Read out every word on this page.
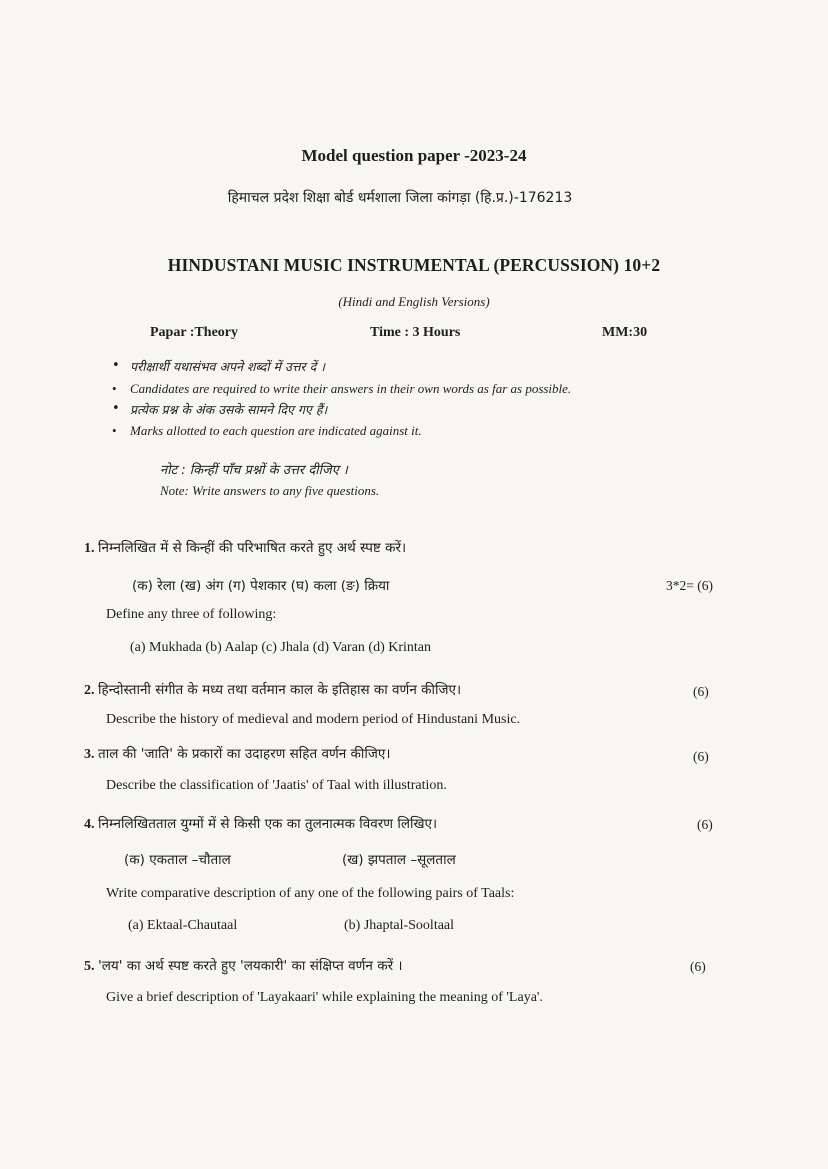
Model question paper -2023-24
हिमाचल प्रदेश शिक्षा बोर्ड धर्मशाला जिला कांगड़ा (हि.प्र.)-176213
HINDUSTANI MUSIC INSTRUMENTAL (PERCUSSION) 10+2
(Hindi and English Versions)
Papar :Theory	Time : 3 Hours	MM:30
• परीक्षार्थी यथासंभव अपने शब्दों में उत्तर दें ।
• Candidates are required to write their answers in their own words as far as possible.
• प्रत्येक प्रश्न के अंक उसके सामने दिए गए हैं।
• Marks allotted to each question are indicated against it.
नोट : किन्हीं पाँच प्रश्नों के उत्तर दीजिए ।
Note: Write answers to any five questions.
1. निम्नलिखित में से किन्हीं की परिभाषित करते हुए अर्थ स्पष्ट करें।
(क) रेला (ख) अंग (ग) पेशकार (घ) कला (ङ) क्रिया	3*2= (6)
Define any three of following:
(a) Mukhada (b) Aalap (c) Jhala (d) Varan (d) Krintan
2. हिन्दोस्तानी संगीत के मध्य तथा वर्तमान काल के इतिहास का वर्णन कीजिए।	(6)
Describe the history of medieval and modern period of Hindustani Music.
3. ताल की 'जाति' के प्रकारों का उदाहरण सहित वर्णन कीजिए।	(6)
Describe the classification of 'Jaatis' of Taal with illustration.
4. निम्नलिखितताल युग्मों में से किसी एक का तुलनात्मक विवरण लिखिए।	(6)
(क) एकताल –चौताल	(ख) झपताल –सूलताल
Write comparative description of any one of the following pairs of Taals:
(a) Ektaal-Chautaal	(b) Jhaptal-Sooltaal
5. 'लय' का अर्थ स्पष्ट करते हुए 'लयकारी' का संक्षिप्त वर्णन करें ।	(6)
Give a brief description of 'Layakaari' while explaining the meaning of 'Laya'.
